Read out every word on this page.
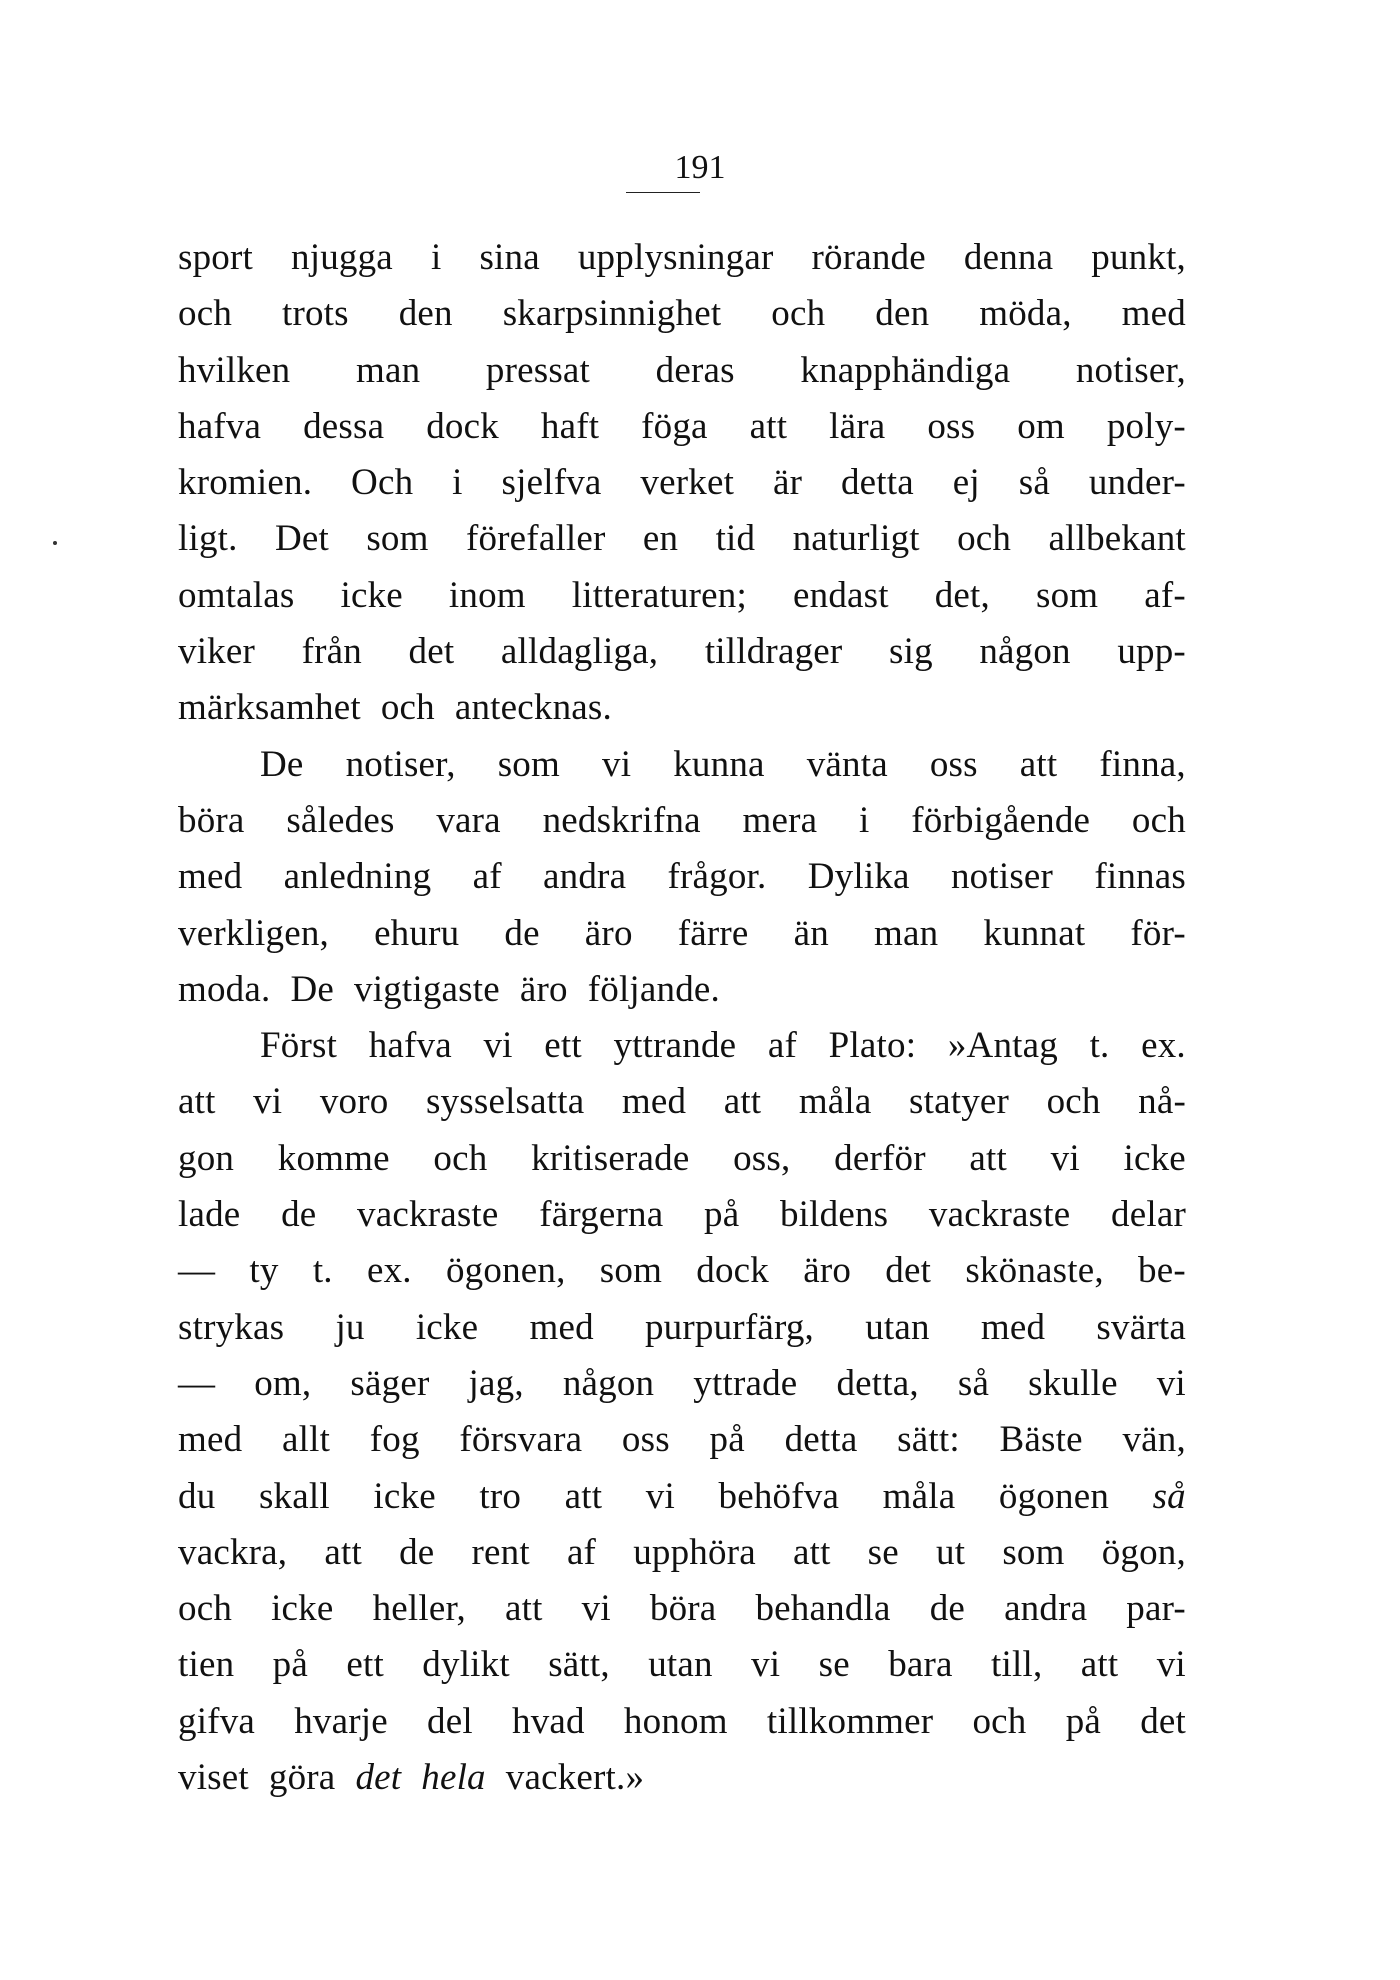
191
sport njugga i sina upplysningar rörande denna punkt,
och trots den skarpsinnighet och den möda, med
hvilken man pressat deras knapphändiga notiser,
hafva dessa dock haft föga att lära oss om poly-
kromien. Och i sjelfva verket är detta ej så under-
ligt. Det som förefaller en tid naturligt och allbekant
omtalas icke inom litteraturen; endast det, som af-
viker från det alldagliga, tilldrager sig någon upp-
märksamhet och antecknas.
De notiser, som vi kunna vänta oss att finna,
böra således vara nedskrifna mera i förbigående och
med anledning af andra frågor. Dylika notiser finnas
verkligen, ehuru de äro färre än man kunnat för-
moda. De vigtigaste äro följande.
Först hafva vi ett yttrande af Plato: »Antag t. ex.
att vi voro sysselsatta med att måla statyer och nå-
gon komme och kritiserade oss, derför att vi icke
lade de vackraste färgerna på bildens vackraste delar
— ty t. ex. ögonen, som dock äro det skönaste, be-
strykas ju icke med purpurfärg, utan med svärta
— om, säger jag, någon yttrade detta, så skulle vi
med allt fog försvara oss på detta sätt: Bäste vän,
du skall icke tro att vi behöfva måla ögonen så
vackra, att de rent af upphöra att se ut som ögon,
och icke heller, att vi böra behandla de andra par-
tien på ett dylikt sätt, utan vi se bara till, att vi
gifva hvarje del hvad honom tillkommer och på det
viset göra det hela vackert.»
